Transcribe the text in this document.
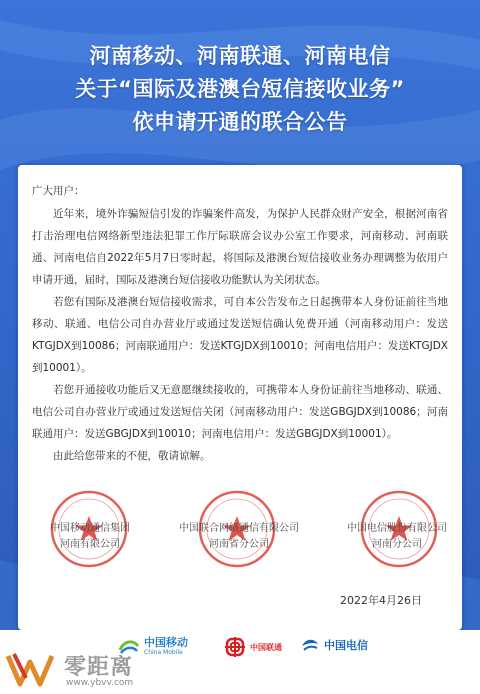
河南移动、河南联通、河南电信
关于“国际及港澳台短信接收业务”
依申请开通的联合公告

广大用户：

近年来，境外诈骗短信引发的诈骗案件高发，为保护人民群众财产安全，根据河南省打击治理电信网络新型违法犯罪工作厅际联席会议办公室工作要求，河南移动、河南联通、河南电信自2022年5月7日零时起，将国际及港澳台短信接收业务办理调整为依用户申请开通，届时，国际及港澳台短信接收功能默认为关闭状态。

若您有国际及港澳台短信接收需求，可自本公告发布之日起携带本人身份证前往当地移动、联通、电信公司自办营业厅或通过发送短信确认免费开通（河南移动用户：发送KTGJDX到10086；河南联通用户：发送KTGJDX到10010；河南电信用户：发送KTGJDX到10001）。

若您开通接收功能后又无意愿继续接收的，可携带本人身份证前往当地移动、联通、电信公司自办营业厅或通过发送短信关闭（河南移动用户：发送GBGJDX到10086；河南联通用户：发送GBGJDX到10010；河南电信用户：发送GBGJDX到10001）。

由此给您带来的不便，敬请谅解。

中国移动通信集团
河南有限公司
中国联合网络通信有限公司
河南省分公司
中国电信股份有限公司
河南分公司
2022年4月26日
中国移动
China Mobile
中国联通	中国电信
零距离
www.ybvv.com
